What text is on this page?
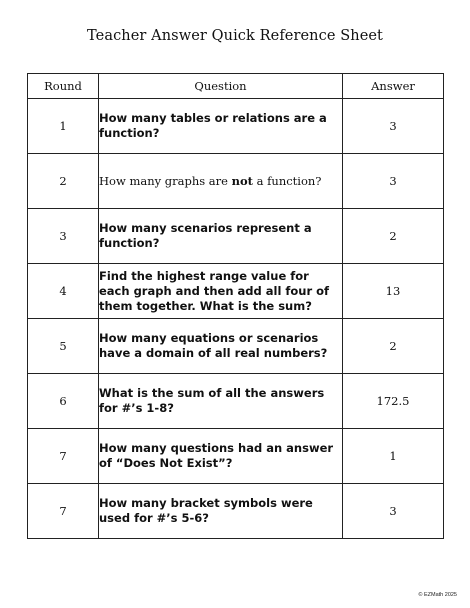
Teacher Answer Quick Reference Sheet
Round	Question	Answer
1	How many tables or relations are a function?	3
2	How many graphs are not a function?	3
3	How many scenarios represent a function?	2
4	Find the highest range value for each graph and then add all four of them together. What is the sum?	13
5	How many equations or scenarios have a domain of all real numbers?	2
6	What is the sum of all the answers for #’s 1-8?	172.5
7	How many questions had an answer of “Does Not Exist”?	1
7	How many bracket symbols were used for #’s 5-6?	3
© EZMath 2025
